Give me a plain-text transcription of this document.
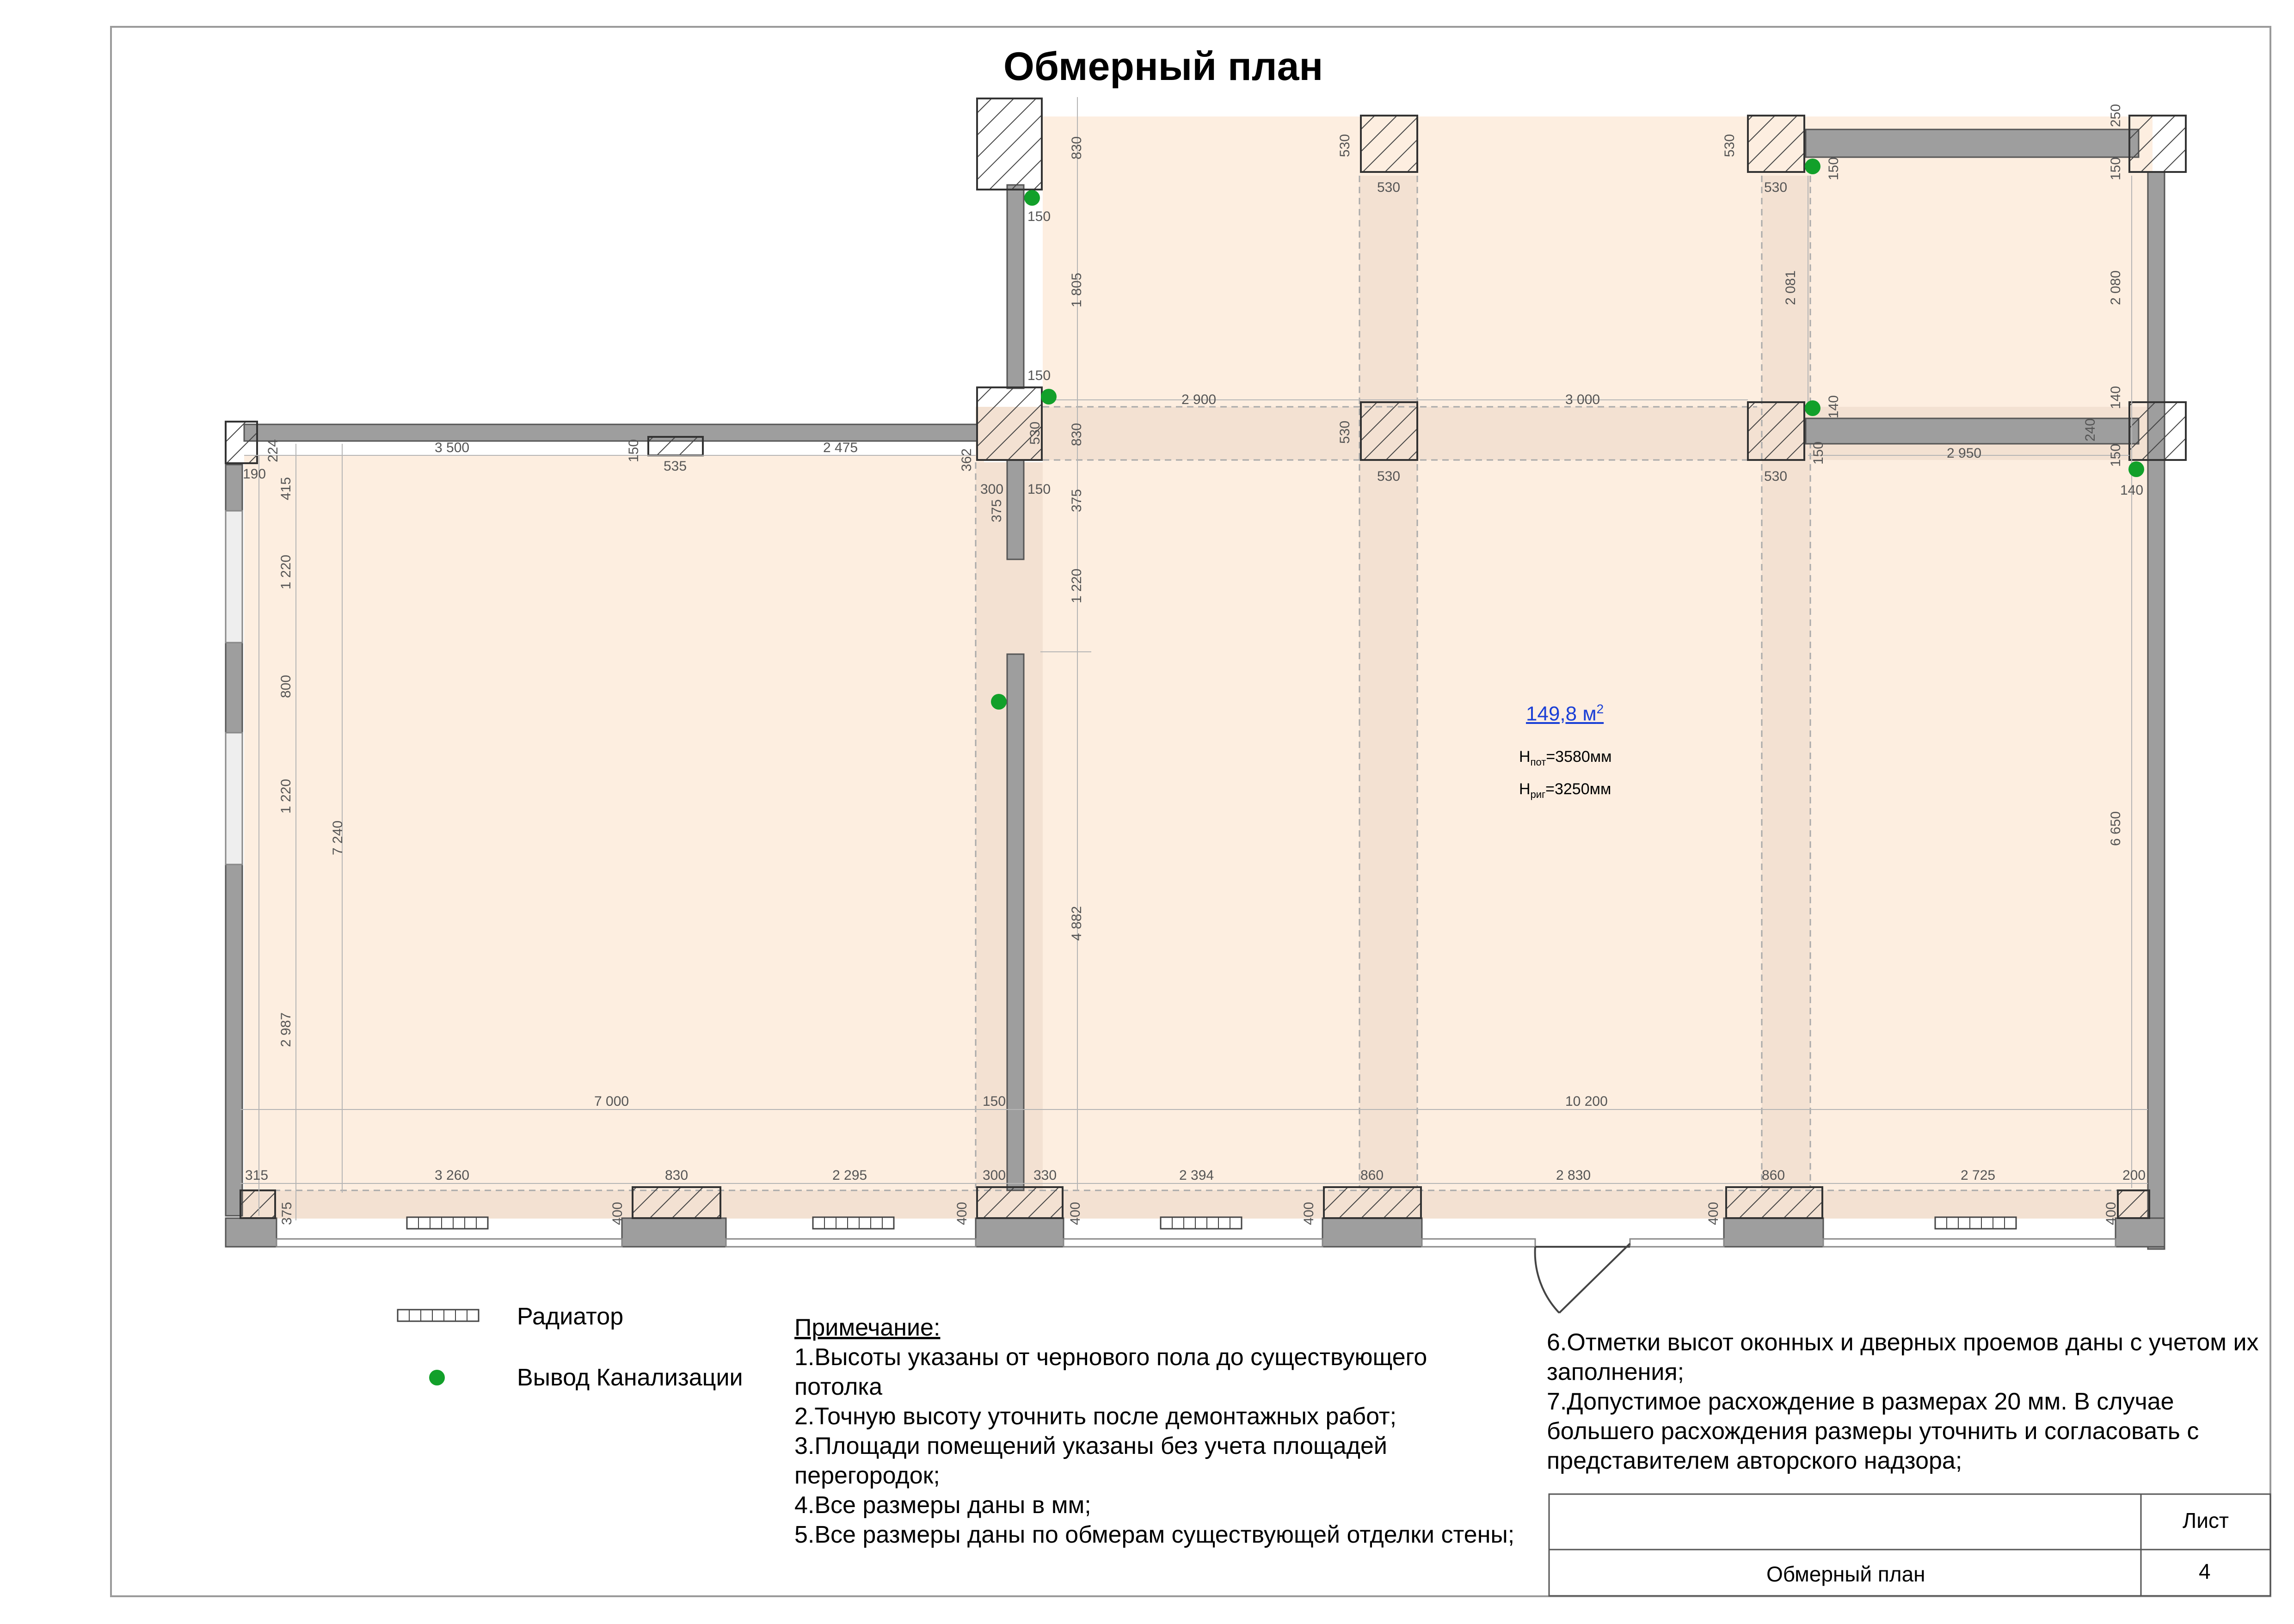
3 500	150
535
2 475
362
224
190
415
1 220
800
1 220
2 987
7 240
830
150
1 805
150
830
300 150
375	375
1 220
4 882
2 900	3 000
530
530
530
530
530
530	530
530
2 081
150
250
150
2 080
140	140
240
150	150
2 950
140
6 650
7 000	150	10 200
315	3 260	830	2 295	300 330	2 394	860	2 830	860	2 725	200
375	400	400	400	400	400	400
Обмерный план
149,8 $м^2$
$Н_{пот}=3580мм$
$Н_{риг}=3250мм$
Радиатор
Вывод Канализации

Примечание:

1.Высоты указаны от чернового пола до существующего потолка

2.Точную высоту уточнить после демонтажных работ;

3.Площади помещений указаны без учета площадей перегородок;

4.Все размеры даны в мм;

5.Все размеры даны по обмерам существующей отделки стены;

6.Отметки высот оконных и дверных проемов даны с учетом их заполнения;

7.Допустимое расхождение в размерах 20 мм. В случае большего расхождения размеры уточнить и согласовать с представителем авторского надзора;

Лист
Обмерный план	4
